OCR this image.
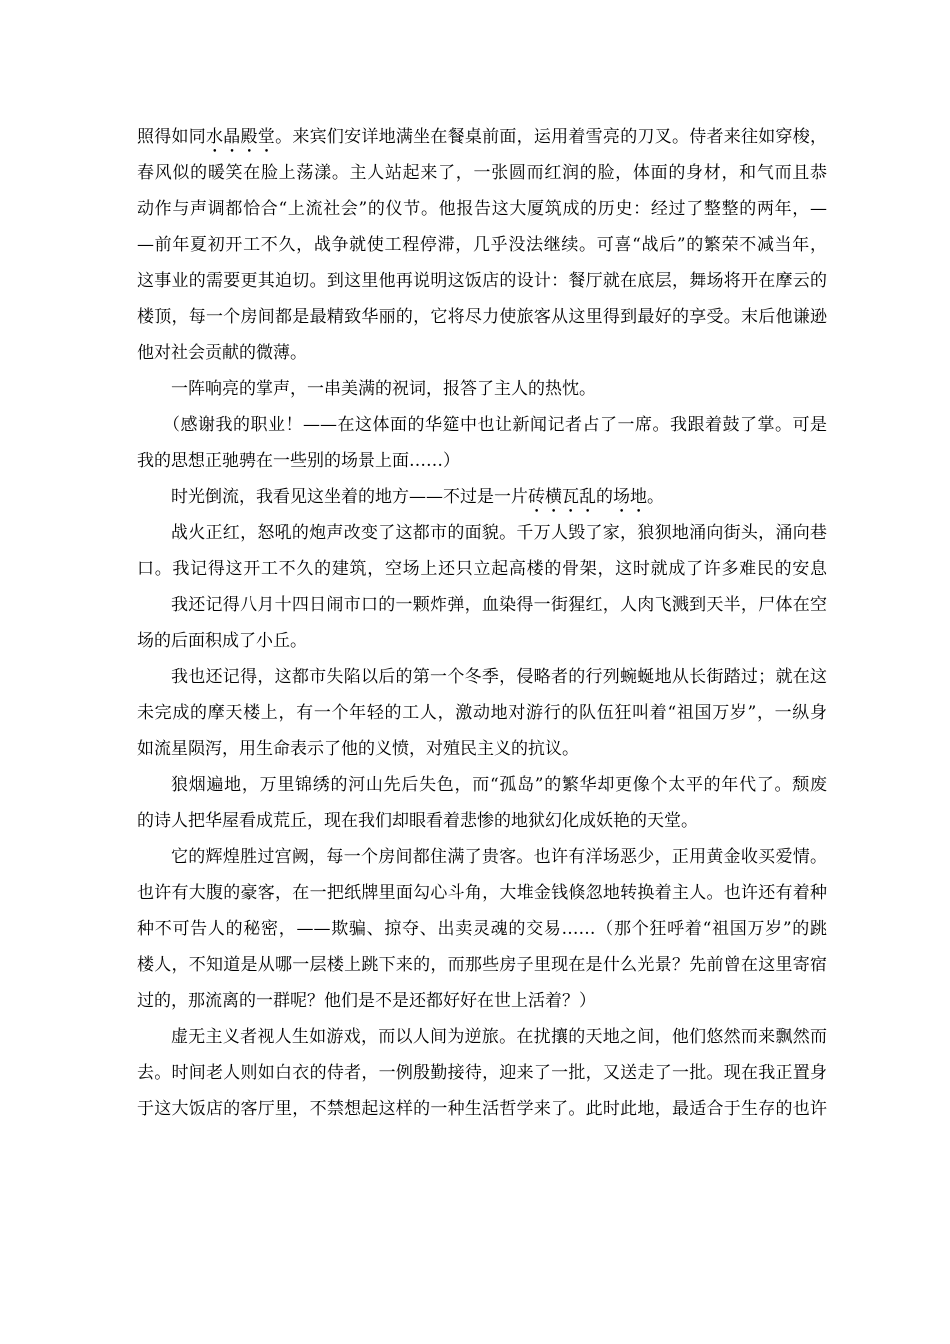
照得如同水晶殿堂。来宾们安详地满坐在餐桌前面，运用着雪亮的刀叉。侍者来往如穿梭，
春风似的暖笑在脸上荡漾。主人站起来了，一张圆而红润的脸，体面的身材，和气而且恭
动作与声调都恰合“上流社会”的仪节。他报告这大厦筑成的历史：经过了整整的两年，—
—前年夏初开工不久，战争就使工程停滞，几乎没法继续。可喜“战后”的繁荣不减当年，
这事业的需要更其迫切。到这里他再说明这饭店的设计：餐厅就在底层，舞场将开在摩云的
楼顶，每一个房间都是最精致华丽的，它将尽力使旅客从这里得到最好的享受。末后他谦逊
他对社会贡献的微薄。
一阵响亮的掌声，一串美满的祝词，报答了主人的热忱。
（感谢我的职业！——在这体面的华筵中也让新闻记者占了一席。我跟着鼓了掌。可是
我的思想正驰骋在一些别的场景上面……）
时光倒流，我看见这坐着的地方——不过是一片砖横瓦乱的场地。
战火正红，怒吼的炮声改变了这都市的面貌。千万人毁了家，狼狈地涌向街头，涌向巷
口。我记得这开工不久的建筑，空场上还只立起高楼的骨架，这时就成了许多难民的安息
我还记得八月十四日闹市口的一颗炸弹，血染得一街猩红，人肉飞溅到天半，尸体在空
场的后面积成了小丘。
我也还记得，这都市失陷以后的第一个冬季，侵略者的行列蜿蜒地从长街踏过；就在这
未完成的摩天楼上，有一个年轻的工人，激动地对游行的队伍狂叫着“祖国万岁”，一纵身
如流星陨泻，用生命表示了他的义愤，对殖民主义的抗议。
狼烟遍地，万里锦绣的河山先后失色，而“孤岛”的繁华却更像个太平的年代了。颓废
的诗人把华屋看成荒丘，现在我们却眼看着悲惨的地狱幻化成妖艳的天堂。
它的辉煌胜过宫阙，每一个房间都住满了贵客。也许有洋场恶少，正用黄金收买爱情。
也许有大腹的豪客，在一把纸牌里面勾心斗角，大堆金钱倏忽地转换着主人。也许还有着种
种不可告人的秘密，——欺骗、掠夺、出卖灵魂的交易……（那个狂呼着“祖国万岁”的跳
楼人，不知道是从哪一层楼上跳下来的，而那些房子里现在是什么光景？先前曾在这里寄宿
过的，那流离的一群呢？他们是不是还都好好在世上活着？）
虚无主义者视人生如游戏，而以人间为逆旅。在扰攘的天地之间，他们悠然而来飘然而
去。时间老人则如白衣的侍者，一例殷勤接待，迎来了一批，又送走了一批。现在我正置身
于这大饭店的客厅里，不禁想起这样的一种生活哲学来了。此时此地，最适合于生存的也许
